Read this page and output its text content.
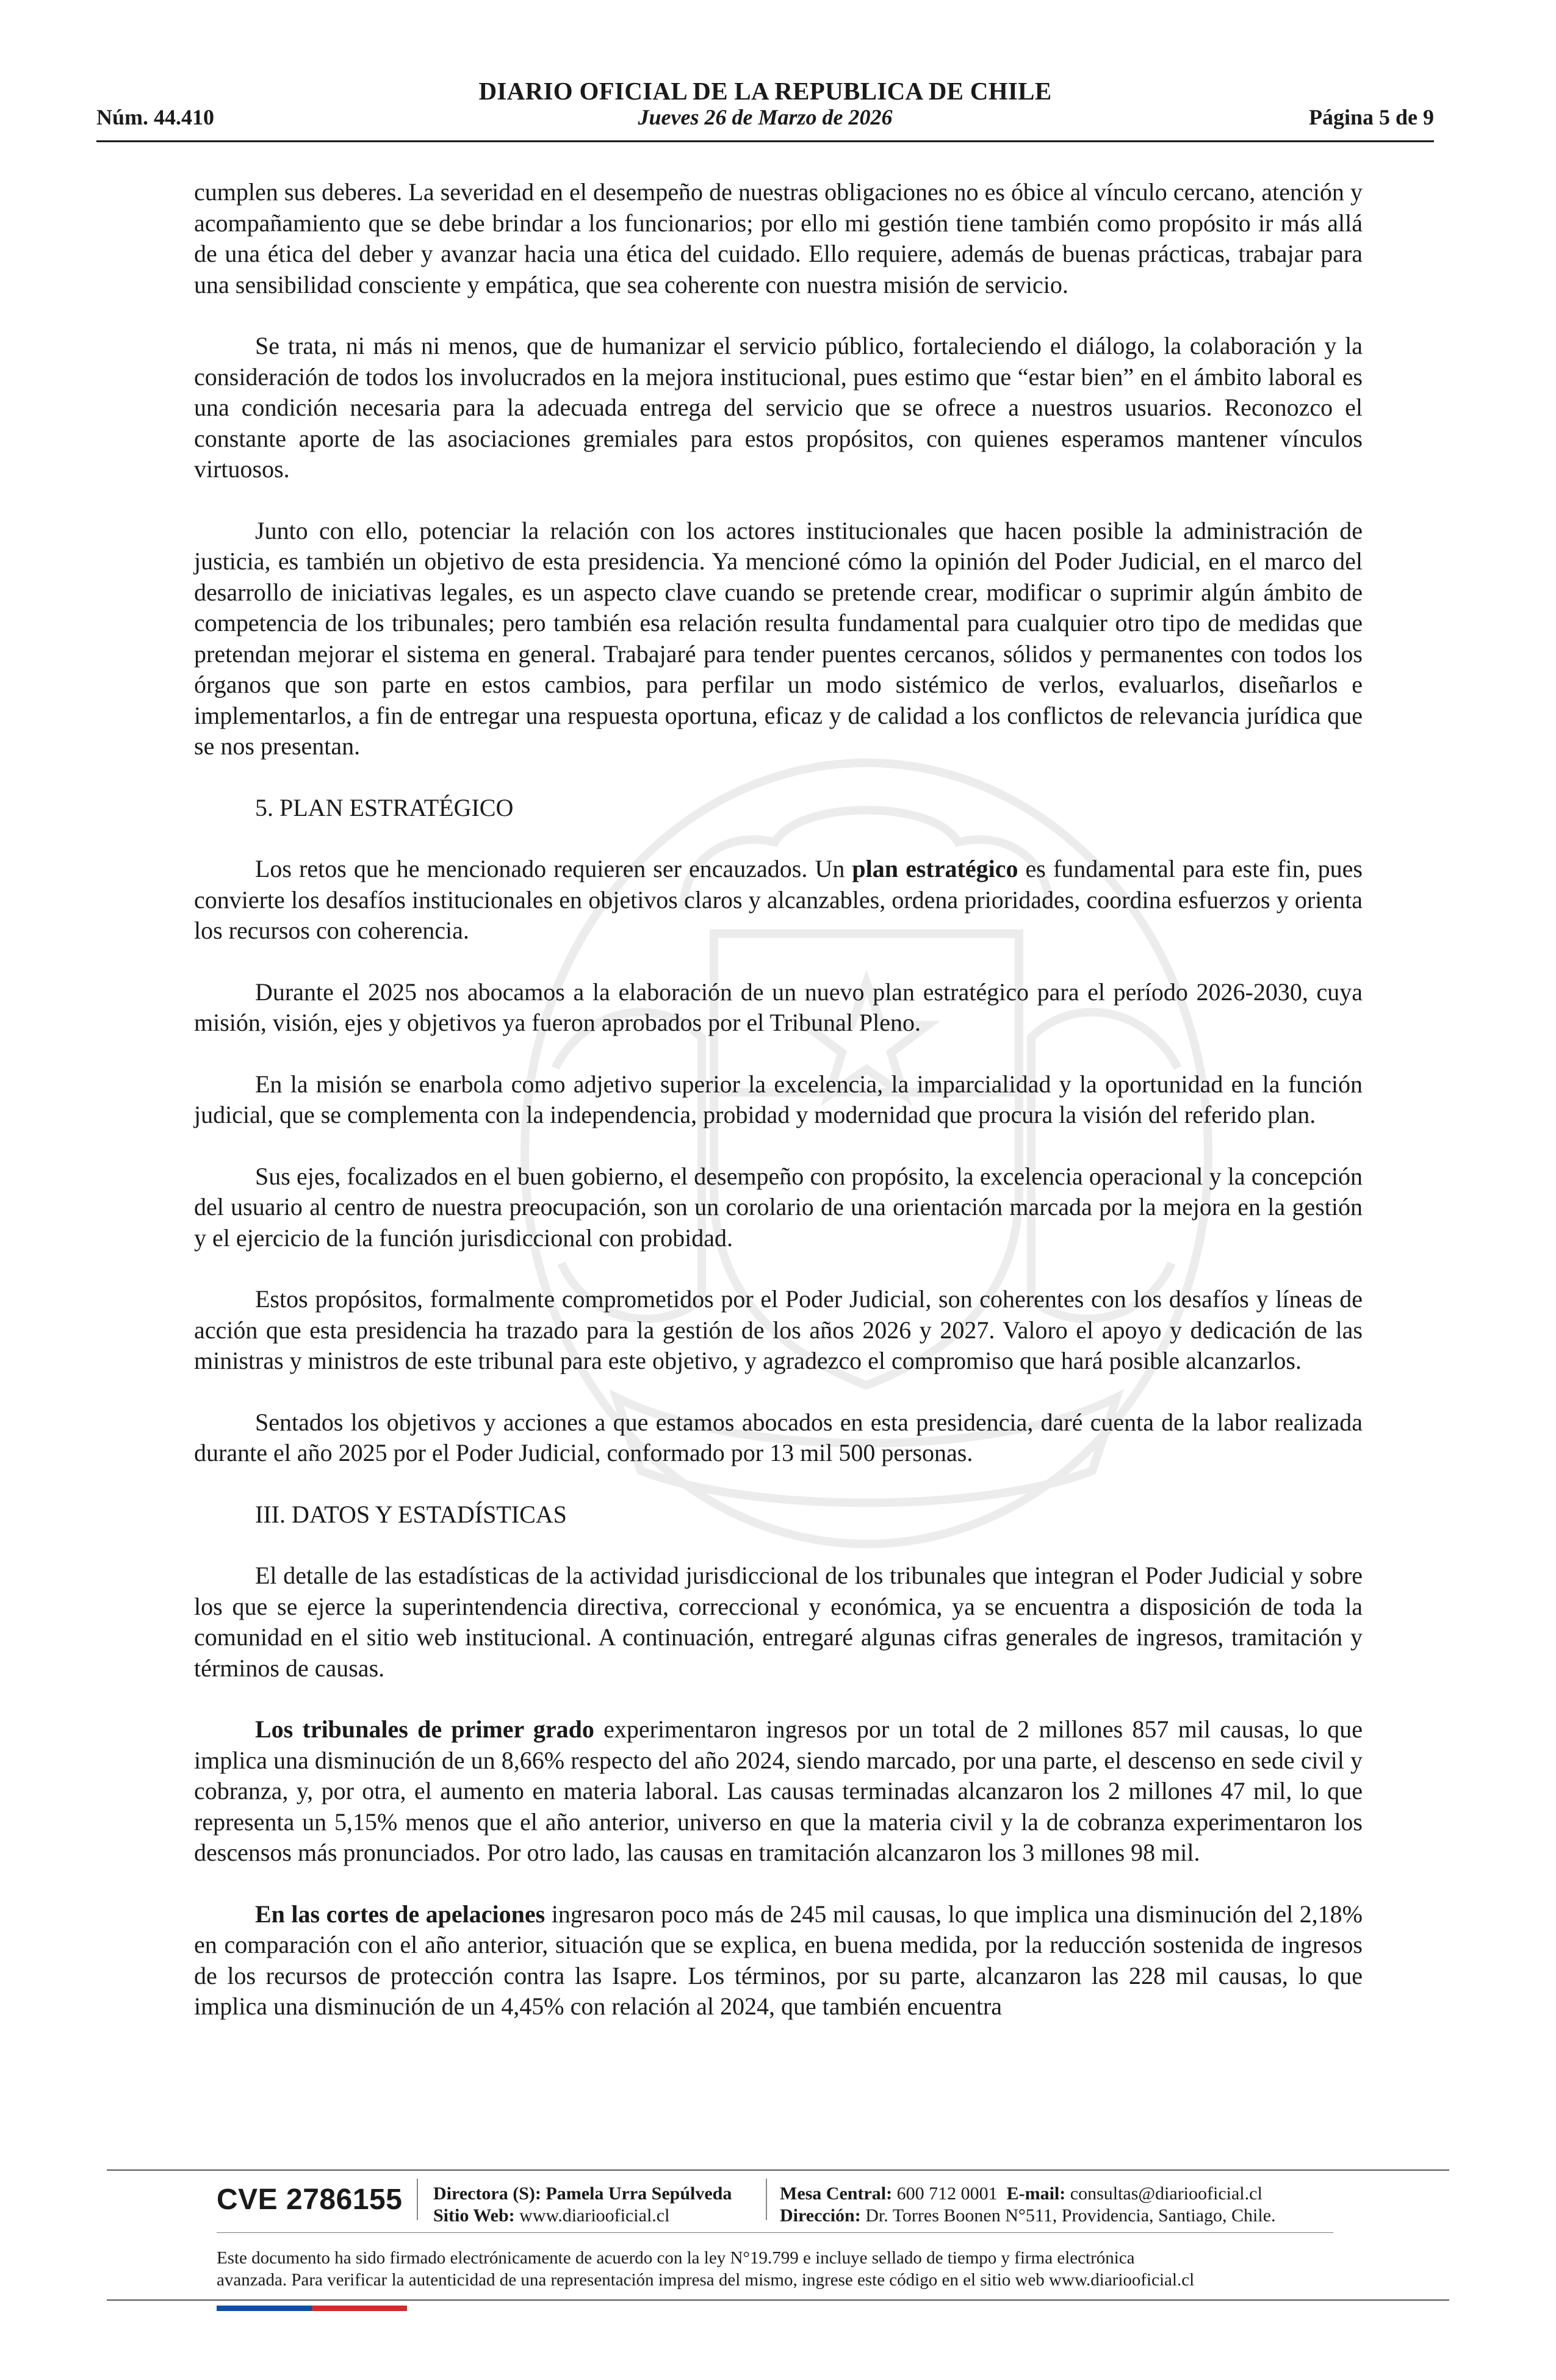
DIARIO OFICIAL DE LA REPUBLICA DE CHILE
Núm. 44.410	Jueves 26 de Marzo de 2026	Página 5 de 9

cumplen sus deberes. La severidad en el desempeño de nuestras obligaciones no es óbice al vínculo cercano, atención y acompañamiento que se debe brindar a los funcionarios; por ello mi gestión tiene también como propósito ir más allá de una ética del deber y avanzar hacia una ética del cuidado. Ello requiere, además de buenas prácticas, trabajar para una sensibilidad consciente y empática, que sea coherente con nuestra misión de servicio.

Se trata, ni más ni menos, que de humanizar el servicio público, fortaleciendo el diálogo, la colaboración y la consideración de todos los involucrados en la mejora institucional, pues estimo que “estar bien” en el ámbito laboral es una condición necesaria para la adecuada entrega del servicio que se ofrece a nuestros usuarios. Reconozco el constante aporte de las asociaciones gremiales para estos propósitos, con quienes esperamos mantener vínculos virtuosos.

Junto con ello, potenciar la relación con los actores institucionales que hacen posible la administración de justicia, es también un objetivo de esta presidencia. Ya mencioné cómo la opinión del Poder Judicial, en el marco del desarrollo de iniciativas legales, es un aspecto clave cuando se pretende crear, modificar o suprimir algún ámbito de competencia de los tribunales; pero también esa relación resulta fundamental para cualquier otro tipo de medidas que pretendan mejorar el sistema en general. Trabajaré para tender puentes cercanos, sólidos y permanentes con todos los órganos que son parte en estos cambios, para perfilar un modo sistémico de verlos, evaluarlos, diseñarlos e implementarlos, a fin de entregar una respuesta oportuna, eficaz y de calidad a los conflictos de relevancia jurídica que se nos presentan.

5. PLAN ESTRATÉGICO

Los retos que he mencionado requieren ser encauzados. Un plan estratégico es fundamental para este fin, pues convierte los desafíos institucionales en objetivos claros y alcanzables, ordena prioridades, coordina esfuerzos y orienta los recursos con coherencia.

Durante el 2025 nos abocamos a la elaboración de un nuevo plan estratégico para el período 2026-2030, cuya misión, visión, ejes y objetivos ya fueron aprobados por el Tribunal Pleno.

En la misión se enarbola como adjetivo superior la excelencia, la imparcialidad y la oportunidad en la función judicial, que se complementa con la independencia, probidad y modernidad que procura la visión del referido plan.

Sus ejes, focalizados en el buen gobierno, el desempeño con propósito, la excelencia operacional y la concepción del usuario al centro de nuestra preocupación, son un corolario de una orientación marcada por la mejora en la gestión y el ejercicio de la función jurisdiccional con probidad.

Estos propósitos, formalmente comprometidos por el Poder Judicial, son coherentes con los desafíos y líneas de acción que esta presidencia ha trazado para la gestión de los años 2026 y 2027. Valoro el apoyo y dedicación de las ministras y ministros de este tribunal para este objetivo, y agradezco el compromiso que hará posible alcanzarlos.

Sentados los objetivos y acciones a que estamos abocados en esta presidencia, daré cuenta de la labor realizada durante el año 2025 por el Poder Judicial, conformado por 13 mil 500 personas.

III. DATOS Y ESTADÍSTICAS

El detalle de las estadísticas de la actividad jurisdiccional de los tribunales que integran el Poder Judicial y sobre los que se ejerce la superintendencia directiva, correccional y económica, ya se encuentra a disposición de toda la comunidad en el sitio web institucional. A continuación, entregaré algunas cifras generales de ingresos, tramitación y términos de causas.

Los tribunales de primer grado experimentaron ingresos por un total de 2 millones 857 mil causas, lo que implica una disminución de un 8,66% respecto del año 2024, siendo marcado, por una parte, el descenso en sede civil y cobranza, y, por otra, el aumento en materia laboral. Las causas terminadas alcanzaron los 2 millones 47 mil, lo que representa un 5,15% menos que el año anterior, universo en que la materia civil y la de cobranza experimentaron los descensos más pronunciados. Por otro lado, las causas en tramitación alcanzaron los 3 millones 98 mil.

En las cortes de apelaciones ingresaron poco más de 245 mil causas, lo que implica una disminución del 2,18% en comparación con el año anterior, situación que se explica, en buena medida, por la reducción sostenida de ingresos de los recursos de protección contra las Isapre. Los términos, por su parte, alcanzaron las 228 mil causas, lo que implica una disminución de un 4,45% con relación al 2024, que también encuentra

CVE 2786155 Directora (S): Pamela Urra Sepúlveda
Sitio Web: www.diariooficial.cl
Mesa Central: 600 712 0001 E-mail: consultas@diariooficial.cl
Dirección: Dr. Torres Boonen N°511, Providencia, Santiago, Chile.
Este documento ha sido firmado electrónicamente de acuerdo con la ley N°19.799 e incluye sellado de tiempo y firma electrónica
avanzada. Para verificar la autenticidad de una representación impresa del mismo, ingrese este código en el sitio web www.diariooficial.cl
